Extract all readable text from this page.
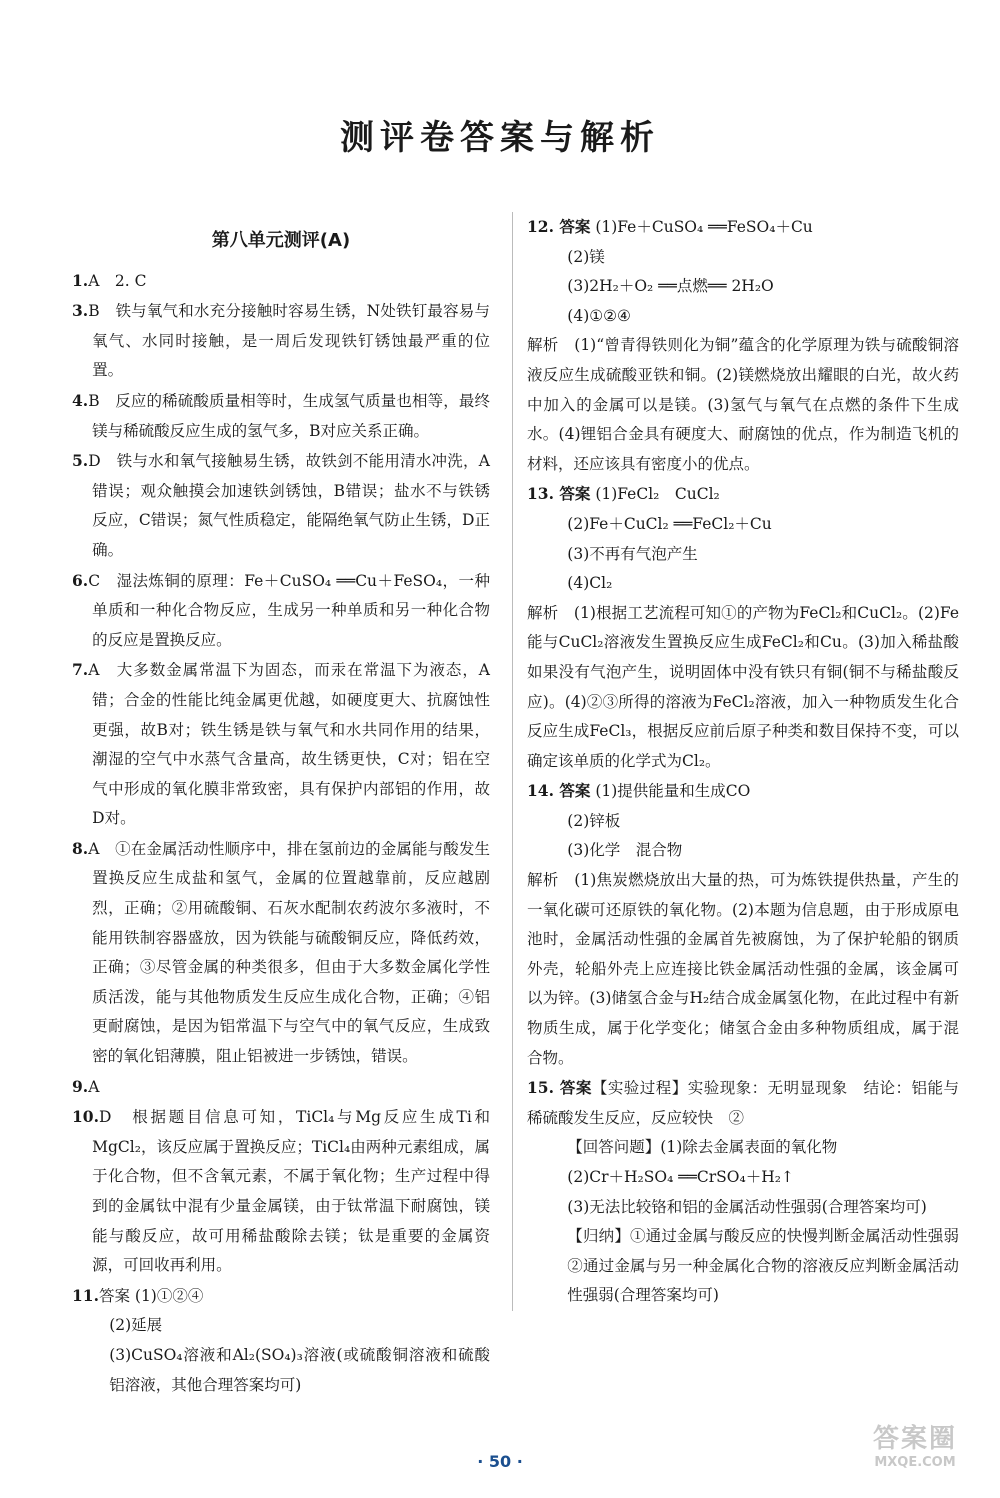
测评卷答案与解析
第八单元测评(A)

1.A　2. C

3.B　铁与氧气和水充分接触时容易生锈，N处铁钉最容易与氧气、水同时接触，是一周后发现铁钉锈蚀最严重的位置。

4.B　反应的稀硫酸质量相等时，生成氢气质量也相等，最终镁与稀硫酸反应生成的氢气多，B对应关系正确。

5.D　铁与水和氧气接触易生锈，故铁剑不能用清水冲洗，A错误；观众触摸会加速铁剑锈蚀，B错误；盐水不与铁锈反应，C错误；氮气性质稳定，能隔绝氧气防止生锈，D正确。

6.C　湿法炼铜的原理：Fe＋CuSO₄ ══Cu＋FeSO₄，一种单质和一种化合物反应，生成另一种单质和另一种化合物的反应是置换反应。

7.A　大多数金属常温下为固态，而汞在常温下为液态，A错；合金的性能比纯金属更优越，如硬度更大、抗腐蚀性更强，故B对；铁生锈是铁与氧气和水共同作用的结果，潮湿的空气中水蒸气含量高，故生锈更快，C对；铝在空气中形成的氧化膜非常致密，具有保护内部铝的作用，故D对。

8.A　①在金属活动性顺序中，排在氢前边的金属能与酸发生置换反应生成盐和氢气，金属的位置越靠前，反应越剧烈，正确；②用硫酸铜、石灰水配制农药波尔多液时，不能用铁制容器盛放，因为铁能与硫酸铜反应，降低药效，正确；③尽管金属的种类很多，但由于大多数金属化学性质活泼，能与其他物质发生反应生成化合物，正确；④铝更耐腐蚀，是因为铝常温下与空气中的氧气反应，生成致密的氧化铝薄膜，阻止铝被进一步锈蚀，错误。

9.A

10.D　根据题目信息可知，TiCl₄与Mg反应生成Ti和MgCl₂，该反应属于置换反应；TiCl₄由两种元素组成，属于化合物，但不含氧元素，不属于氧化物；生产过程中得到的金属钛中混有少量金属镁，由于钛常温下耐腐蚀，镁能与酸反应，故可用稀盐酸除去镁；钛是重要的金属资源，可回收再利用。

11.答案 (1)①②④

(2)延展

(3)CuSO₄溶液和Al₂(SO₄)₃溶液(或硫酸铜溶液和硫酸铝溶液，其他合理答案均可)

12. 答案 (1)Fe＋CuSO₄ ══FeSO₄＋Cu

(2)镁

(3)2H₂＋O₂ ══点燃══ 2H₂O

(4)①②④

解析　(1)“曾青得铁则化为铜”蕴含的化学原理为铁与硫酸铜溶液反应生成硫酸亚铁和铜。(2)镁燃烧放出耀眼的白光，故火药中加入的金属可以是镁。(3)氢气与氧气在点燃的条件下生成水。(4)锂铝合金具有硬度大、耐腐蚀的优点，作为制造飞机的材料，还应该具有密度小的优点。

13. 答案 (1)FeCl₂　CuCl₂

(2)Fe＋CuCl₂ ══FeCl₂＋Cu

(3)不再有气泡产生

(4)Cl₂

解析　(1)根据工艺流程可知①的产物为FeCl₂和CuCl₂。(2)Fe能与CuCl₂溶液发生置换反应生成FeCl₂和Cu。(3)加入稀盐酸如果没有气泡产生，说明固体中没有铁只有铜(铜不与稀盐酸反应)。(4)②③所得的溶液为FeCl₂溶液，加入一种物质发生化合反应生成FeCl₃，根据反应前后原子种类和数目保持不变，可以确定该单质的化学式为Cl₂。

14. 答案 (1)提供能量和生成CO

(2)锌板

(3)化学　混合物

解析　(1)焦炭燃烧放出大量的热，可为炼铁提供热量，产生的一氧化碳可还原铁的氧化物。(2)本题为信息题，由于形成原电池时，金属活动性强的金属首先被腐蚀，为了保护轮船的钢质外壳，轮船外壳上应连接比铁金属活动性强的金属，该金属可以为锌。(3)储氢合金与H₂结合成金属氢化物，在此过程中有新物质生成，属于化学变化；储氢合金由多种物质组成，属于混合物。

15. 答案【实验过程】实验现象：无明显现象　结论：铝能与稀硫酸发生反应，反应较快　②

【回答问题】(1)除去金属表面的氧化物

(2)Cr＋H₂SO₄ ══CrSO₄＋H₂↑

(3)无法比较铬和铝的金属活动性强弱(合理答案均可)

【归纳】①通过金属与酸反应的快慢判断金属活动性强弱　②通过金属与另一种金属化合物的溶液反应判断金属活动性强弱(合理答案均可)

· 50 ·
答案圈
MXQE.COM
